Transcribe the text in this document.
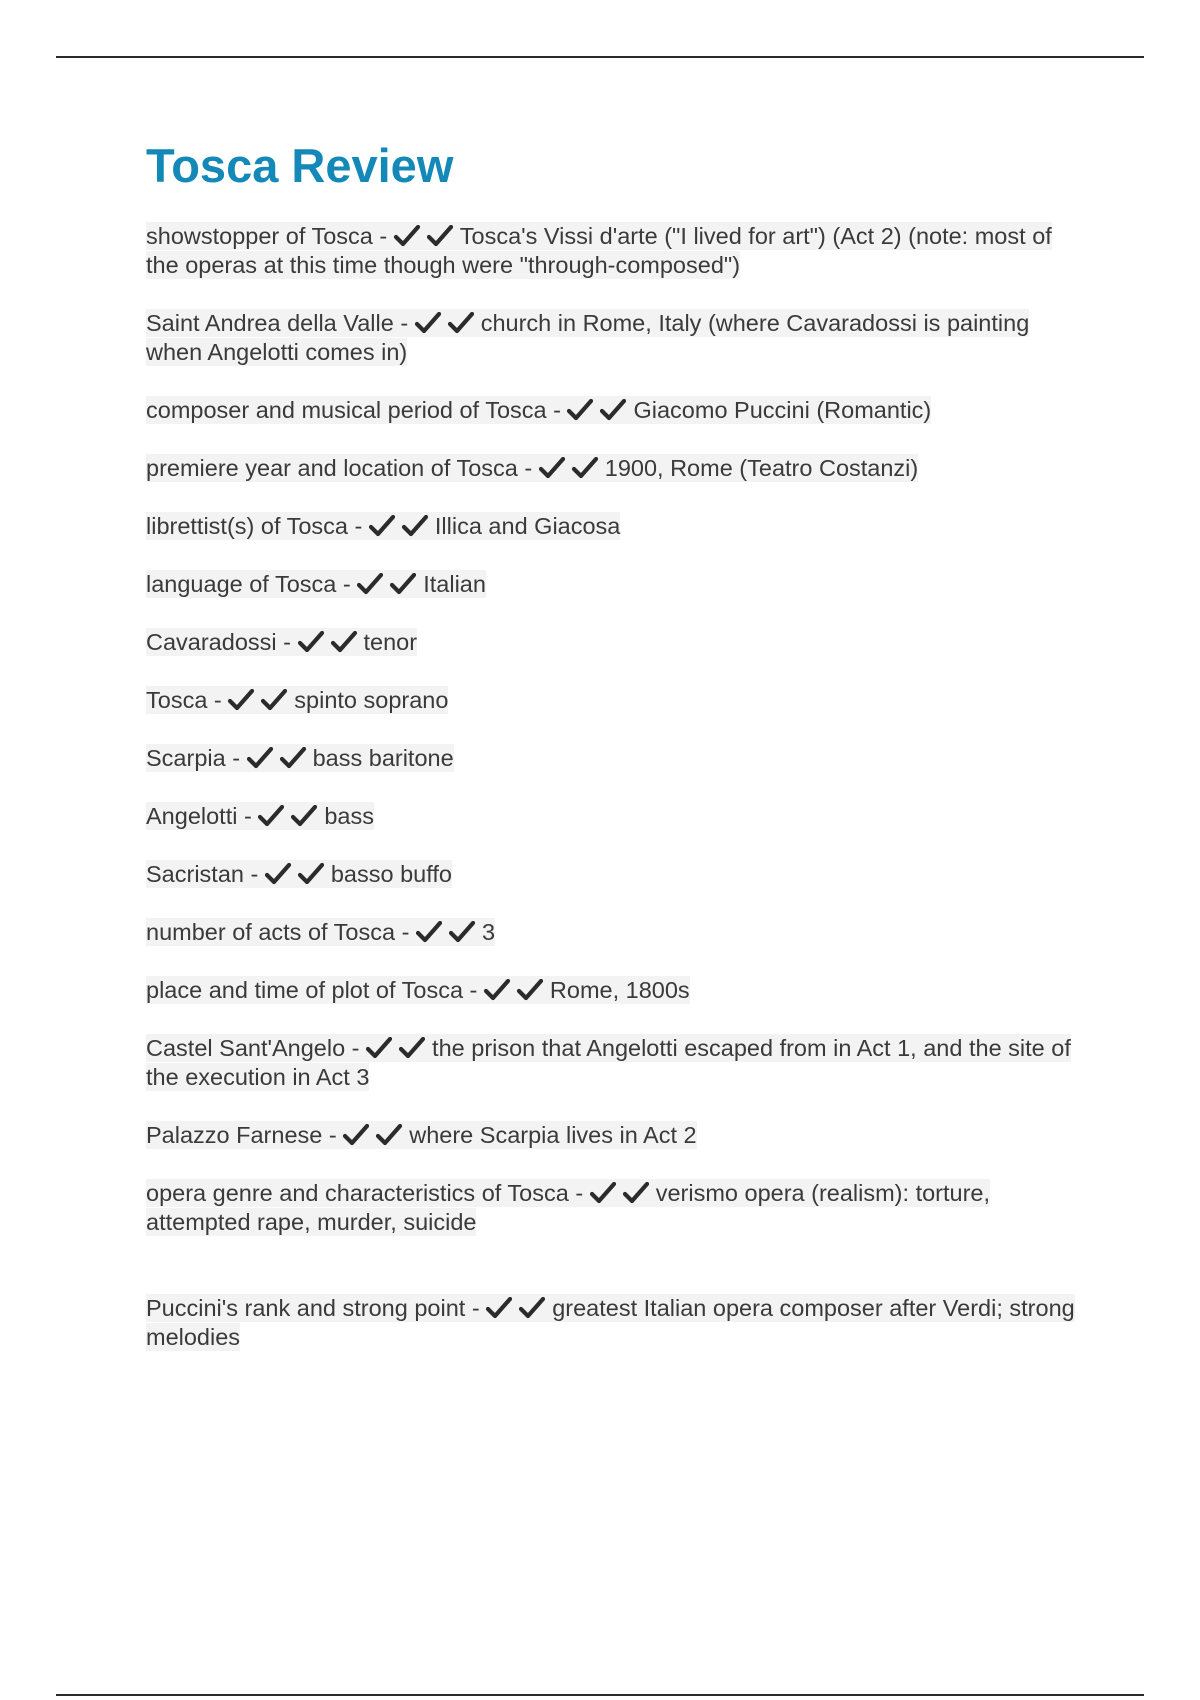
Tosca Review
showstopper of Tosca -	Tosca's Vissi d'arte ("I lived for art") (Act 2) (note: most of the operas at this time though were "through-composed")
Saint Andrea della Valle -	church in Rome, Italy (where Cavaradossi is painting when Angelotti comes in)
composer and musical period of Tosca -	Giacomo Puccini (Romantic)
premiere year and location of Tosca -	1900, Rome (Teatro Costanzi)
librettist(s) of Tosca -	Illica and Giacosa
language of Tosca -	Italian
Cavaradossi -	tenor
Tosca -	spinto soprano
Scarpia -	bass baritone
Angelotti -	bass
Sacristan -	basso buffo
number of acts of Tosca -	3
place and time of plot of Tosca -	Rome, 1800s
Castel Sant'Angelo -	the prison that Angelotti escaped from in Act 1, and the site of the execution in Act 3
Palazzo Farnese -	where Scarpia lives in Act 2
opera genre and characteristics of Tosca -	verismo opera (realism): torture, attempted rape, murder, suicide
Puccini's rank and strong point -	greatest Italian opera composer after Verdi; strong melodies
